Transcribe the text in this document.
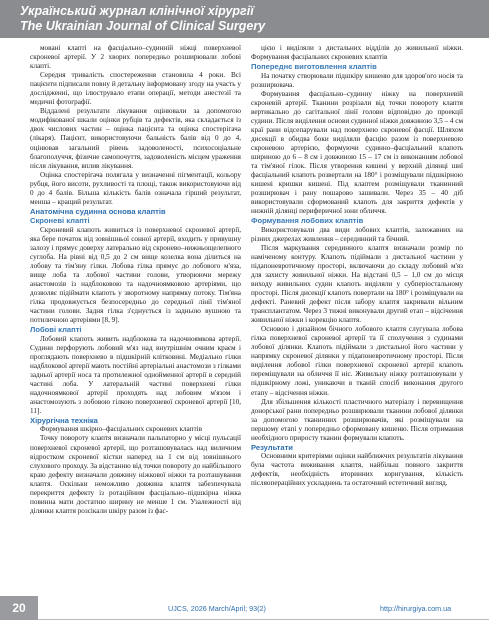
Український журнал клінічної хірургії
The Ukrainian Journal of Clinical Surgery

мовані клапті на фасціально–судинній ніжці поверхневої скроневої артерії. У 2 хворих попередньо розширювали лобові клапті.

Середня тривалість спостереження становила 4 роки. Всі пацієнти підписали повну й детальну інформовану згоду на участь у дослідженні, що ілюструвало етапи операції, методи анестезії та медичні фотографії.

Віддалені результати лікування оцінювали за допомогою модифікованої шкали оцінки рубців та дефектів, яка складається із двох числових частин – оцінка пацієнта та оцінка спостерігача (лікаря). Пацієнт, використовуючи бальність балів від 0 до 4, оцінював загальний рівень задоволеності, психосоціальне благополуччя, фізичне самопочуття, задоволеність місцем ураження після лікування, вплив лікування.

Оцінка спостерігача полягала у визначенні пігментації, кольору рубця, його висоти, рухливості та площі, також використовуючи від 0 до 4 балів. Більша кількість балів означала гірший результат, менша – кращий результат.

Анатомічна судинна основа клаптів
Скроневі клапті

Скроневий клапоть живиться із поверхневої скроневої артерії, яка бере початок від зовнішньої сонної артерії, входить у привушну залозу і прямує доверху латерально від скронево–нижньощелепного суглоба. На рівні від 0,5 до 2 см вище козелка вона ділиться на лобову та тім'яну гілки. Лобова гілка прямує до лобового м'яза, вище лоба та лобової частини голови, утворюючи мережу анастомозів із надблоковою та надочноямковою артеріями, що дозволяє підіймати клапоть у зворотному напрямку потоку. Тім'яна гілка продовжується безпосередньо до середньої лінії тім'яної частини голови. Задня гілка з'єднується із задньою вушною та потиличною артеріями [8, 9].

Лобові клапті

Лобовий клапоть живить надблокова та надочноямкова артерії. Судини перфорують лобовий м'яз над внутрішнім очним краєм і проглядають поверхнево в підшкірній клітковині. Медіально гілки надблокової артерії мають постійні артеріальні анастомози з гілками задньої артерії носа та протилежної однойменної артерії в середній частині лоба. У латеральній частині поверхневі гілки надочноямкової артерії проходять над лобовим м'язом і анастомозують з лобовою гілкою поверхневої скроневої артерії [10, 11].

Хірургічна техніка

Формування шкірно–фасціальних скроневих клаптів

Точку повороту клаптя визначали пальпаторно у місці пульсації поверхневої скроневої артерії, що розташовувалась над виличним відростком скроневої кістки наперед на 1 см від зовнішнього слухового проходу. За відстанню від точки повороту до найбільшого краю дефекту визначали довжину ніжкової ніжки та розташування клаптя. Оскільки неможливо довжина клаптя забезпечувала перекриття дефекту із ротаційним фасціально–підшкірна ніжка повинна мати достатню ширину не менше 1 см. Узалежності від ділянки клаптя розсікали шкіру разом із фас-

цією і виділяли з дистальних відділів до живильної ніжки. Формування фасціальних скроневих клаптів

Попереднє виготовлення клаптів

На початку створювали підшкіру кишеню для здоров'ого носія та розширювача.

Формування фасціально–судинну ніжку на поверхневій скроневій артерії. Тканини розрізали від точки повороту клаптя вертикально до сагітальної лінії голови відповідно до проекції судини. Після виділення основи судинної ніжки довжиною 3,5 – 4 см краї рани відсепарували над поверхнею скроневої фасції. Шляхом дисекції в обидва боки виділяли фасцію разом із поверхневою скроневою артерією, формуючи судинно–фасціальний клапоть шириною до 6 – 8 см і довжиною 15 – 17 см із виконанням лобової та тім'яної гілок. Після утворення кишені у верхній ділянці шиї фасціальний клапоть розвертали на 180° і розміщували підшкірною кишені кришки кишені. Під клаптем розміщували тканинний розширювач і рану пошарово зашивали. Через 35 – 40 діб використовували сформований клапоть для закриття дефектів у нижній ділянці периферичної зони обличчя.

Формування лобових клаптів

Використовували два види лобових клаптів, залежавних на різних джерелах живлення – серединний та бічний.

Після маркування серединного клаптя визначали розмір по наміченому контуру. Клапоть підіймали з дистальної частини у підапоневротичному просторі, включаючи до складу лобовий м'яз для захисту живильної ніжки. На відстані 0,5 – 1,0 см до місця виходу живильних судин клапоть виділяли у субперіостальному просторі. Після дисекції клапоть повертали на 180° і розміщували на дефекті. Раневий дефект після забору клаптя закривали вільним трансплантатом. Через 3 тижні виконували другий етап – відсічення живильної ніжки і корекцію клаптя.

Основою і дизайном бічного лобового клаптя слугувала лобова гілка поверхневої скроневої артерії та її сполучення з судинами лобової ділянки. Клапоть підіймали з дистальної його частини у напрямку скроневої ділянки у підапоневротичному просторі. Після виділення лобової гілки поверхневої скроневої артерії клапоть переміщували на обличчя її ніс. Живильну ніжку розташовували у підшкірному ложі, уникаючи в тканій спосіб виконання другого етапу – відсічення ніжки.

Для збільшення кількості пластичного матеріалу і перевищення донорської рани попередньо розширювали тканини лобової ділянки за допомогою тканинних розширювачів, які розміщували на першому етапі у попередньо сформовану кишеню. Після отримання необхідного приросту тканин формували клапоть.

Результати

Основними критеріями оцінки найближчих результатів лікування була частота виживання клаптя, найбільш повного закриття дефектів, необхідність вторинних коригування, кількість післяопераційних ускладнень та остаточний естетичний вигляд.

20	UJCS, 2026 March/April; 93(2)	http://hirurgiya.com.ua
